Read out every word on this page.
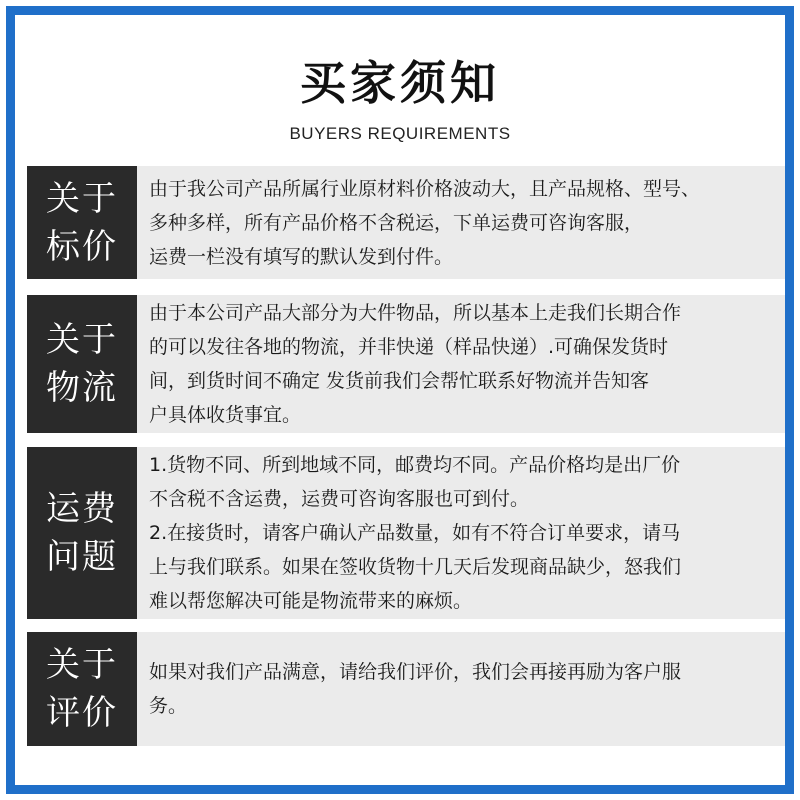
买家须知
BUYERS REQUIREMENTS
关于
标价

由于我公司产品所属行业原材料价格波动大，且产品规格、型号、

多种多样，所有产品价格不含税运，下单运费可咨询客服，

运费一栏没有填写的默认发到付件。

关于
物流

由于本公司产品大部分为大件物品，所以基本上走我们长期合作

的可以发往各地的物流，并非快递（样品快递）.可确保发货时

间，到货时间不确定 发货前我们会帮忙联系好物流并告知客

户具体收货事宜。

运费
问题

1.货物不同、所到地域不同，邮费均不同。产品价格均是出厂价

不含税不含运费，运费可咨询客服也可到付。

2.在接货时，请客户确认产品数量，如有不符合订单要求，请马

上与我们联系。如果在签收货物十几天后发现商品缺少，怒我们

难以帮您解决可能是物流带来的麻烦。

关于
评价

如果对我们产品满意，请给我们评价，我们会再接再励为客户服

务。
